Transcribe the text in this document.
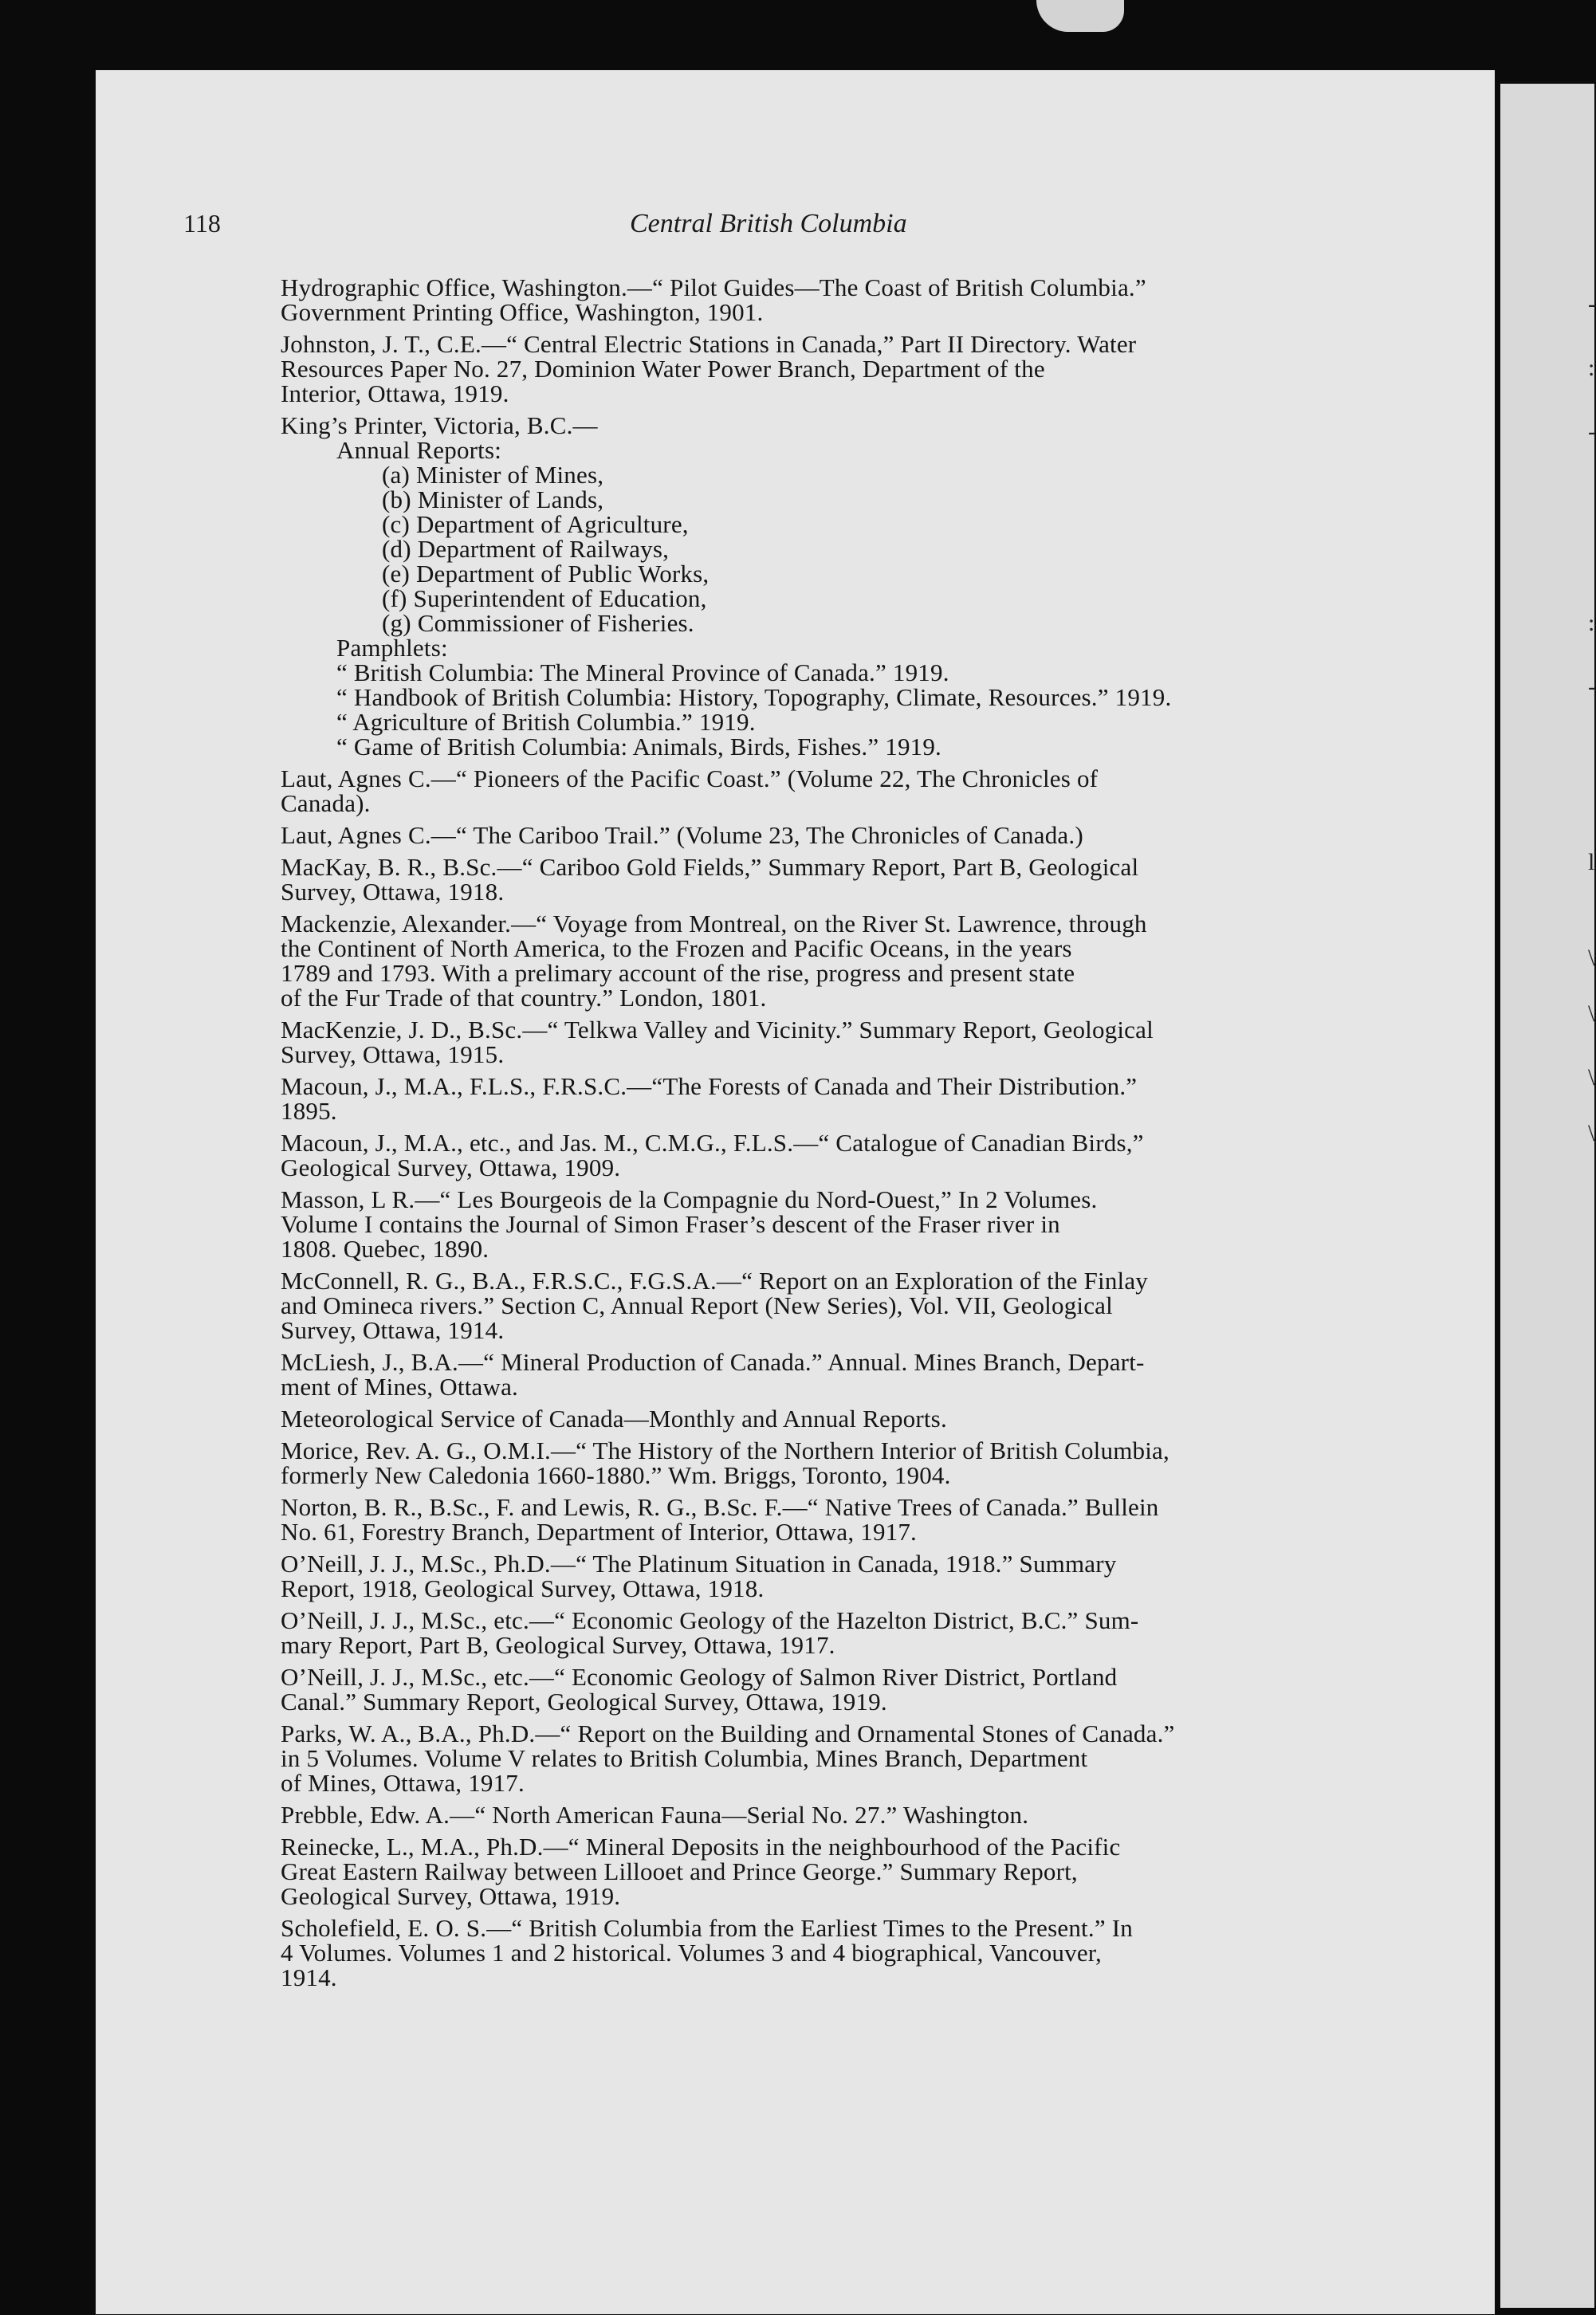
-
:
-
:
-
l
\
\
\
\
118	Central British Columbia
Hydrographic Office, Washington.—“ Pilot Guides—The Coast of British Columbia.”
Government Printing Office, Washington, 1901.
Johnston, J. T., C.E.—“ Central Electric Stations in Canada,” Part II Directory. Water
Resources Paper No. 27, Dominion Water Power Branch, Department of the
Interior, Ottawa, 1919.
King’s Printer, Victoria, B.C.—
Annual Reports:
(a) Minister of Mines,
(b) Minister of Lands,
(c) Department of Agriculture,
(d) Department of Railways,
(e) Department of Public Works,
(f) Superintendent of Education,
(g) Commissioner of Fisheries.
Pamphlets:
“ British Columbia: The Mineral Province of Canada.” 1919.
“ Handbook of British Columbia: History, Topography, Climate, Resources.” 1919.
“ Agriculture of British Columbia.” 1919.
“ Game of British Columbia: Animals, Birds, Fishes.” 1919.
Laut, Agnes C.—“ Pioneers of the Pacific Coast.” (Volume 22, The Chronicles of
Canada).
Laut, Agnes C.—“ The Cariboo Trail.” (Volume 23, The Chronicles of Canada.)
MacKay, B. R., B.Sc.—“ Cariboo Gold Fields,” Summary Report, Part B, Geological
Survey, Ottawa, 1918.
Mackenzie, Alexander.—“ Voyage from Montreal, on the River St. Lawrence, through
the Continent of North America, to the Frozen and Pacific Oceans, in the years
1789 and 1793. With a prelimary account of the rise, progress and present state
of the Fur Trade of that country.” London, 1801.
MacKenzie, J. D., B.Sc.—“ Telkwa Valley and Vicinity.” Summary Report, Geological
Survey, Ottawa, 1915.
Macoun, J., M.A., F.L.S., F.R.S.C.—“The Forests of Canada and Their Distribution.”
1895.
Macoun, J., M.A., etc., and Jas. M., C.M.G., F.L.S.—“ Catalogue of Canadian Birds,”
Geological Survey, Ottawa, 1909.
Masson, L R.—“ Les Bourgeois de la Compagnie du Nord-Ouest,” In 2 Volumes.
Volume I contains the Journal of Simon Fraser’s descent of the Fraser river in
1808. Quebec, 1890.
McConnell, R. G., B.A., F.R.S.C., F.G.S.A.—“ Report on an Exploration of the Finlay
and Omineca rivers.” Section C, Annual Report (New Series), Vol. VII, Geological
Survey, Ottawa, 1914.
McLiesh, J., B.A.—“ Mineral Production of Canada.” Annual. Mines Branch, Depart-
ment of Mines, Ottawa.
Meteorological Service of Canada—Monthly and Annual Reports.
Morice, Rev. A. G., O.M.I.—“ The History of the Northern Interior of British Columbia,
formerly New Caledonia 1660-1880.” Wm. Briggs, Toronto, 1904.
Norton, B. R., B.Sc., F. and Lewis, R. G., B.Sc. F.—“ Native Trees of Canada.” Bullein
No. 61, Forestry Branch, Department of Interior, Ottawa, 1917.
O’Neill, J. J., M.Sc., Ph.D.—“ The Platinum Situation in Canada, 1918.” Summary
Report, 1918, Geological Survey, Ottawa, 1918.
O’Neill, J. J., M.Sc., etc.—“ Economic Geology of the Hazelton District, B.C.” Sum-
mary Report, Part B, Geological Survey, Ottawa, 1917.
O’Neill, J. J., M.Sc., etc.—“ Economic Geology of Salmon River District, Portland
Canal.” Summary Report, Geological Survey, Ottawa, 1919.
Parks, W. A., B.A., Ph.D.—“ Report on the Building and Ornamental Stones of Canada.”
in 5 Volumes. Volume V relates to British Columbia, Mines Branch, Department
of Mines, Ottawa, 1917.
Prebble, Edw. A.—“ North American Fauna—Serial No. 27.” Washington.
Reinecke, L., M.A., Ph.D.—“ Mineral Deposits in the neighbourhood of the Pacific
Great Eastern Railway between Lillooet and Prince George.” Summary Report,
Geological Survey, Ottawa, 1919.
Scholefield, E. O. S.—“ British Columbia from the Earliest Times to the Present.” In
4 Volumes. Volumes 1 and 2 historical. Volumes 3 and 4 biographical, Vancouver,
1914.
